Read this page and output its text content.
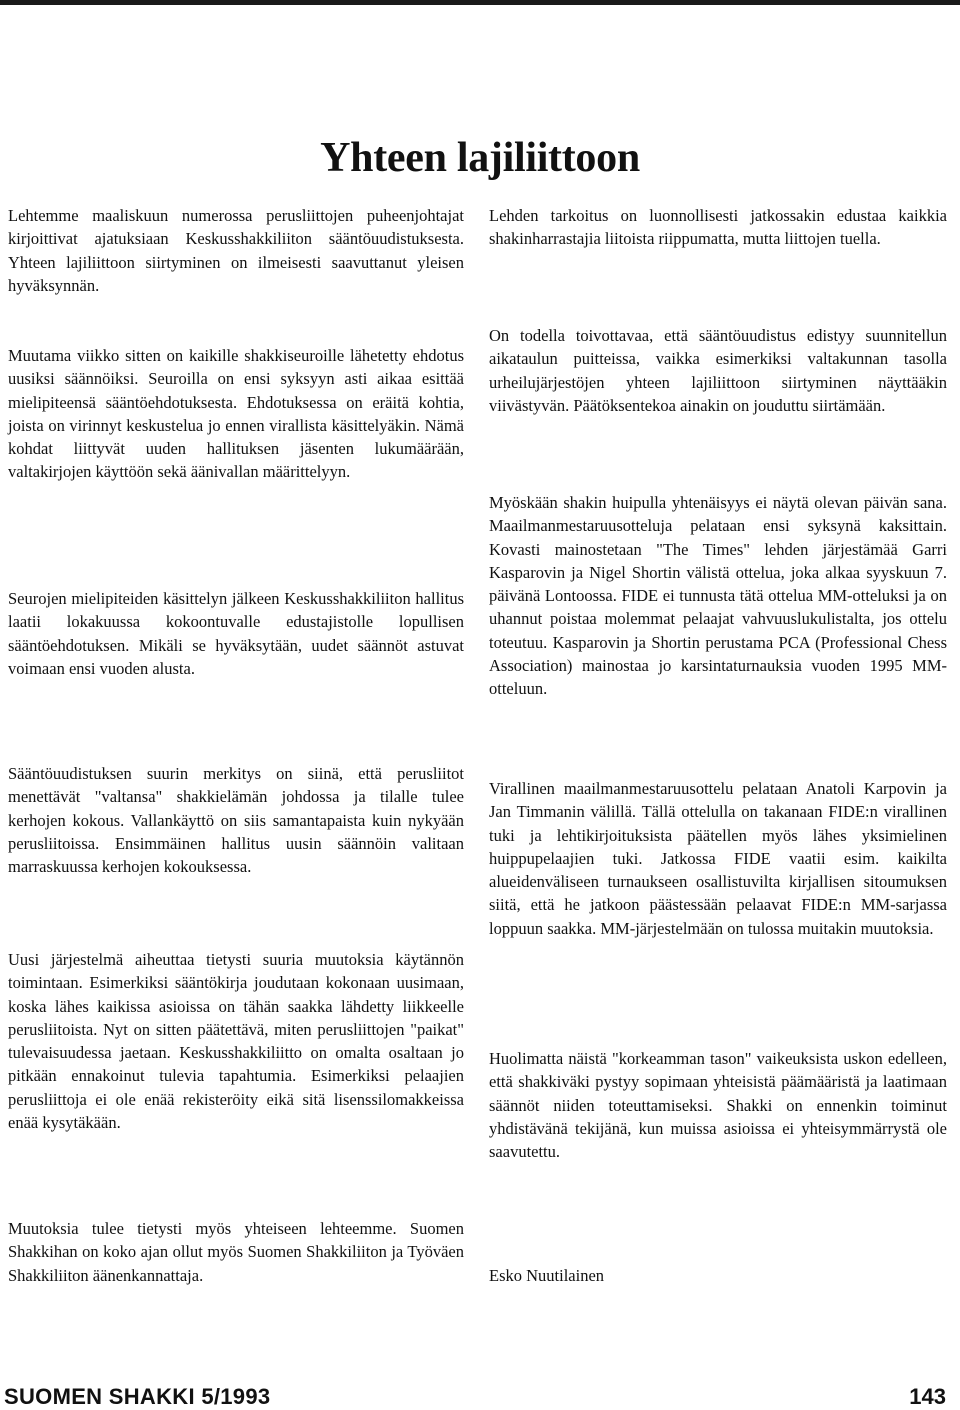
Yhteen lajiliittoon

Lehtemme maaliskuun numerossa perusliittojen puheenjohtajat kirjoittivat ajatuksiaan Keskusshakkiliiton sääntöuudistuksesta. Yhteen lajiliittoon siirtyminen on ilmeisesti saavuttanut yleisen hyväksynnän.

Muutama viikko sitten on kaikille shakkiseuroille lähetetty ehdotus uusiksi säännöiksi. Seuroilla on ensi syksyyn asti aikaa esittää mielipiteensä sääntöehdotuksesta. Ehdotuksessa on eräitä kohtia, joista on virinnyt keskustelua jo ennen virallista käsittelyäkin. Nämä kohdat liittyvät uuden hallituksen jäsenten lukumäärään, valtakirjojen käyttöön sekä äänivallan määrittelyyn.

Seurojen mielipiteiden käsittelyn jälkeen Keskusshakkiliiton hallitus laatii lokakuussa kokoontuvalle edustajistolle lopullisen sääntöehdotuksen. Mikäli se hyväksytään, uudet säännöt astuvat voimaan ensi vuoden alusta.

Sääntöuudistuksen suurin merkitys on siinä, että perusliitot menettävät "valtansa" shakkielämän johdossa ja tilalle tulee kerhojen kokous. Vallankäyttö on siis samantapaista kuin nykyään perusliitoissa. Ensimmäinen hallitus uusin säännöin valitaan marraskuussa kerhojen kokouksessa.

Uusi järjestelmä aiheuttaa tietysti suuria muutoksia käytännön toimintaan. Esimerkiksi sääntökirja joudutaan kokonaan uusimaan, koska lähes kaikissa asioissa on tähän saakka lähdetty liikkeelle perusliitoista. Nyt on sitten päätettävä, miten perusliittojen "paikat" tulevaisuudessa jaetaan. Keskusshakkiliitto on omalta osaltaan jo pitkään ennakoinut tulevia tapahtumia. Esimerkiksi pelaajien perusliittoja ei ole enää rekisteröity eikä sitä lisenssilomakkeissa enää kysytäkään.

Muutoksia tulee tietysti myös yhteiseen lehteemme. Suomen Shakkihan on koko ajan ollut myös Suomen Shakkiliiton ja Työväen Shakkiliiton äänenkannattaja.

Lehden tarkoitus on luonnollisesti jatkossakin edustaa kaikkia shakinharrastajia liitoista riippumatta, mutta liittojen tuella.

On todella toivottavaa, että sääntöuudistus edistyy suunnitellun aikataulun puitteissa, vaikka esimerkiksi valtakunnan tasolla urheilujärjestöjen yhteen lajiliittoon siirtyminen näyttääkin viivästyvän. Päätöksentekoa ainakin on jouduttu siirtämään.

Myöskään shakin huipulla yhtenäisyys ei näytä olevan päivän sana. Maailmanmestaruusotteluja pelataan ensi syksynä kaksittain. Kovasti mainostetaan "The Times" lehden järjestämää Garri Kasparovin ja Nigel Shortin välistä ottelua, joka alkaa syyskuun 7. päivänä Lontoossa. FIDE ei tunnusta tätä ottelua MM-otteluksi ja on uhannut poistaa molemmat pelaajat vahvuuslukulistalta, jos ottelu toteutuu. Kasparovin ja Shortin perustama PCA (Professional Chess Association) mainostaa jo karsintaturnauksia vuoden 1995 MM-otteluun.

Virallinen maailmanmestaruusottelu pelataan Anatoli Karpovin ja Jan Timmanin välillä. Tällä ottelulla on takanaan FIDE:n virallinen tuki ja lehtikirjoituksista päätellen myös lähes yksimielinen huippupelaajien tuki. Jatkossa FIDE vaatii esim. kaikilta alueidenväliseen turnaukseen osallistuvilta kirjallisen sitoumuksen siitä, että he jatkoon päästessään pelaavat FIDE:n MM-sarjassa loppuun saakka. MM-järjestelmään on tulossa muitakin muutoksia.

Huolimatta näistä "korkeamman tason" vaikeuksista uskon edelleen, että shakkiväki pystyy sopimaan yhteisistä päämääristä ja laatimaan säännöt niiden toteuttamiseksi. Shakki on ennenkin toiminut yhdistävänä tekijänä, kun muissa asioissa ei yhteisymmärrystä ole saavutettu.

Esko Nuutilainen
SUOMEN SHAKKI 5/1993	143
